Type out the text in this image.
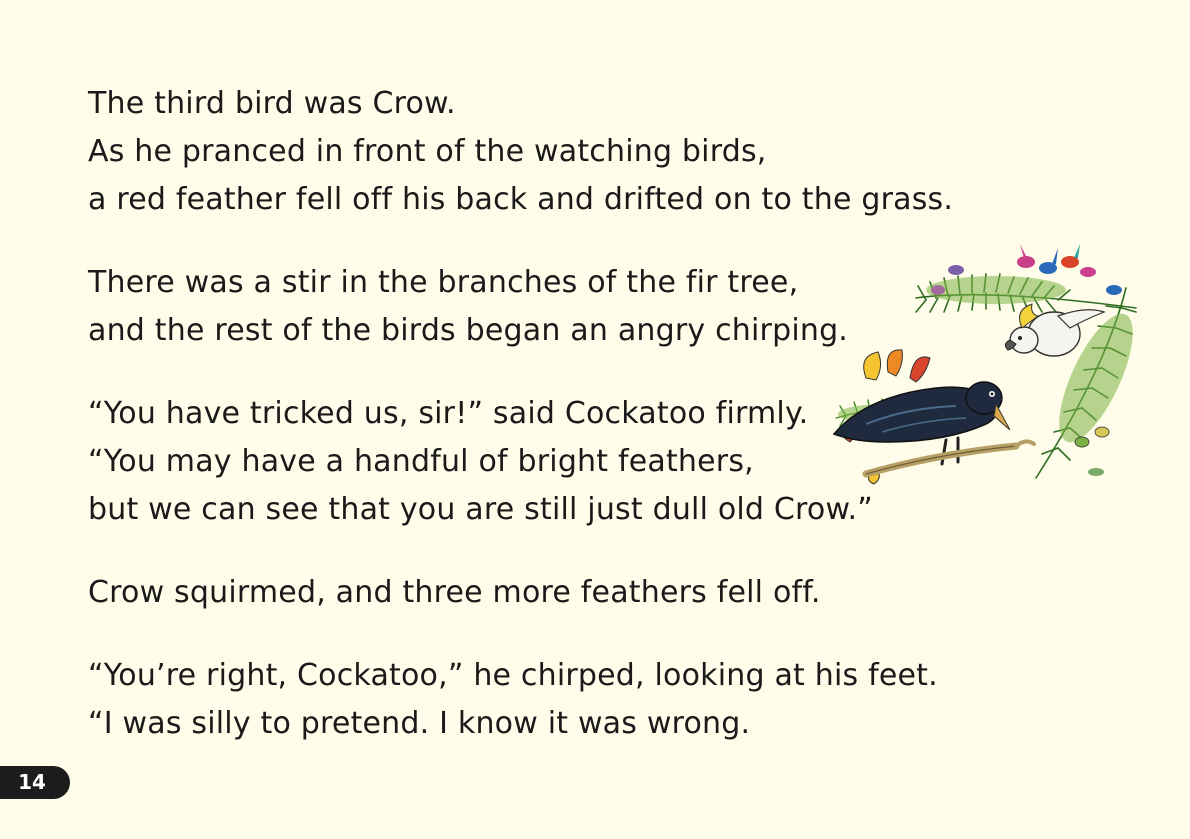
The third bird was Crow.
As he pranced in front of the watching birds,
a red feather fell off his back and drifted on to the grass.

There was a stir in the branches of the fir tree,
and the rest of the birds began an angry chirping.

“You have tricked us, sir!” said Cockatoo firmly.
“You may have a handful of bright feathers,
but we can see that you are still just dull old Crow.”

Crow squirmed, and three more feathers fell off.

“You’re right, Cockatoo,” he chirped, looking at his feet.
“I was silly to pretend. I know it was wrong.

14
